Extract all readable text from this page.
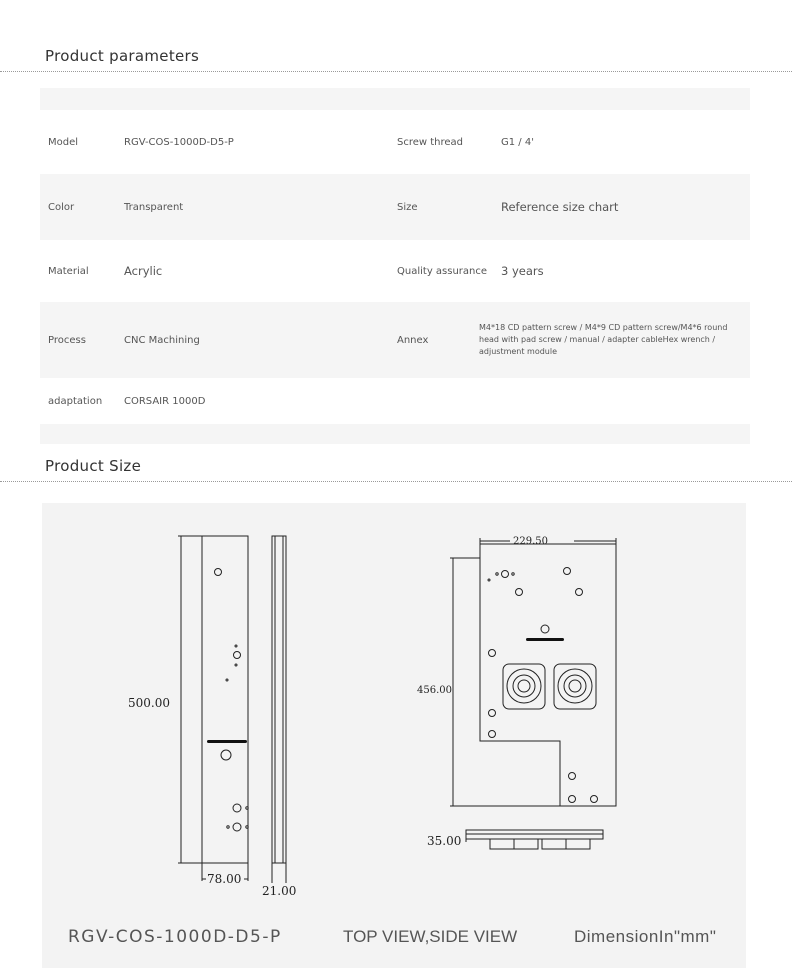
Product parameters
Model	RGV-COS-1000D-D5-P	Screw thread	G1 / 4'
Color	Transparent	Size	Reference size chart
Material	Acrylic	Quality assurance 3 years
Process	CNC Machining	Annex
M4*18 CD pattern screw / M4*9 CD pattern screw/M4*6 round head with pad screw / manual / adapter cableHex wrench / adjustment module
adaptation CORSAIR 1000D
Product Size
500.00
78.00
21.00
229.50
456.00
35.00
RGV-COS-1000D-D5-P	TOP VIEW,SIDE VIEW	DimensionIn"mm"
